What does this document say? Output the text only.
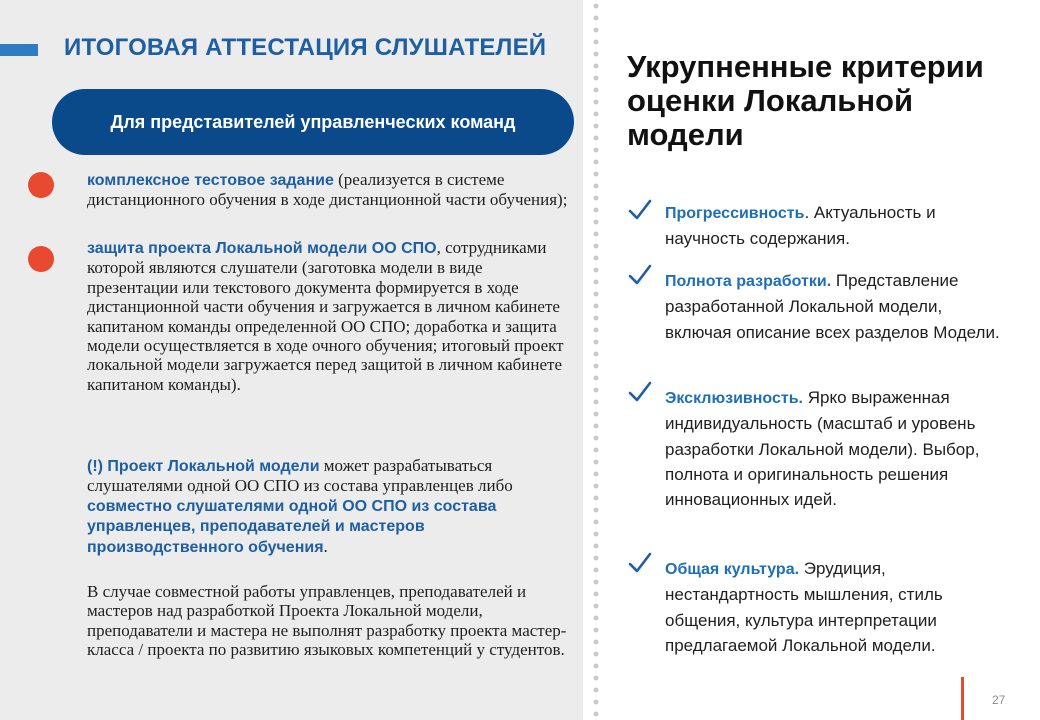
ИТОГОВАЯ АТТЕСТАЦИЯ СЛУШАТЕЛЕЙ
Для представителей управленческих команд
комплексное тестовое задание (реализуется в системе дистанционного обучения в ходе дистанционной части обучения);
защита проекта Локальной модели ОО СПО, сотрудниками которой являются слушатели (заготовка модели в виде презентации или текстового документа формируется в ходе дистанционной части обучения и загружается в личном кабинете капитаном команды определенной ОО СПО; доработка и защита модели осуществляется в ходе очного обучения; итоговый проект локальной модели загружается перед защитой в личном кабинете капитаном команды).
(!) Проект Локальной модели может разрабатываться слушателями одной ОО СПО из состава управленцев либо совместно слушателями одной ОО СПО из состава управленцев, преподавателей и мастеров производственного обучения.
В случае совместной работы управленцев, преподавателей и мастеров над разработкой Проекта Локальной модели, преподаватели и мастера не выполнят разработку проекта мастер-класса / проекта по развитию языковых компетенций у студентов.
Укрупненные критерии оценки Локальной модели
Прогрессивность. Актуальность и научность содержания.
Полнота разработки. Представление разработанной Локальной модели, включая описание всех разделов Модели.
Эксклюзивность. Ярко выраженная индивидуальность (масштаб и уровень разработки Локальной модели). Выбор, полнота и оригинальность решения инновационных идей.
Общая культура. Эрудиция, нестандартность мышления, стиль общения, культура интерпретации предлагаемой Локальной модели.
27
